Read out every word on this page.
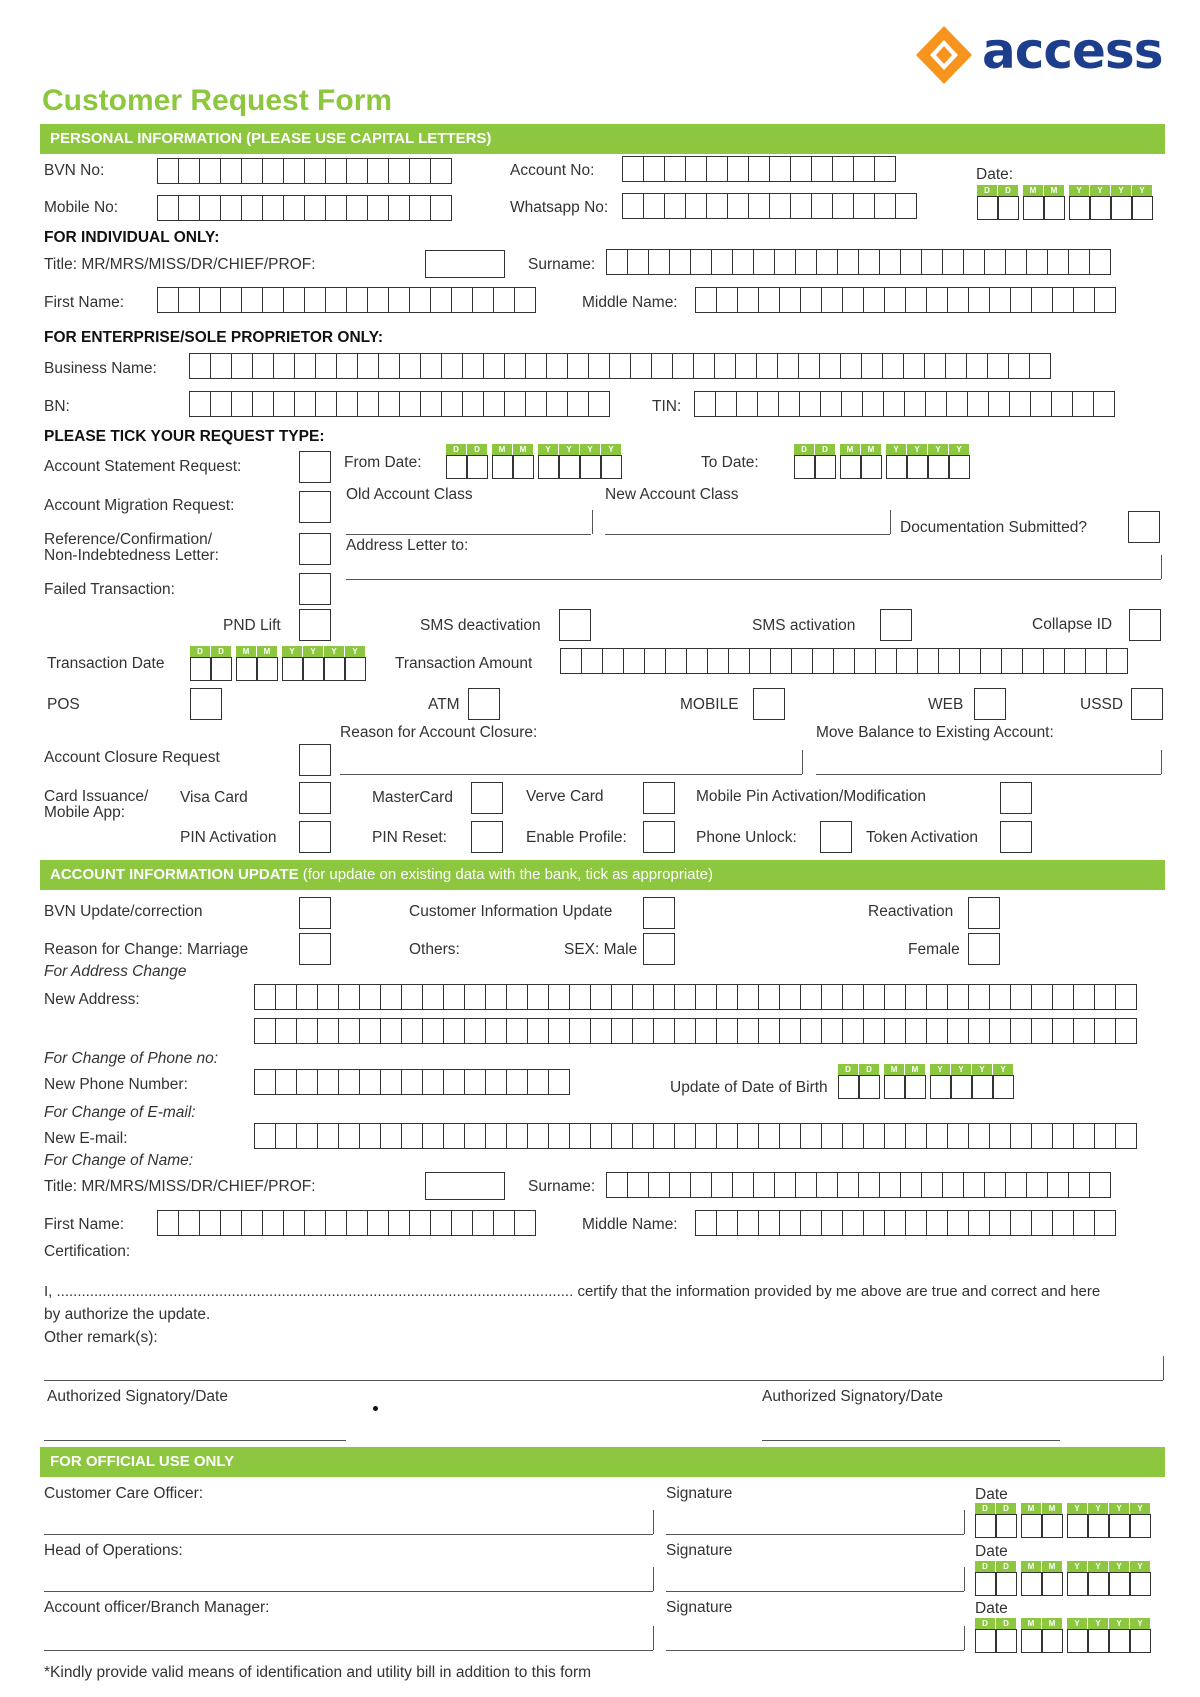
access
Customer Request Form
PERSONAL INFORMATION (PLEASE USE CAPITAL LETTERS)
BVN No:	Account No:	Date:
D	D	M	M	Y	Y	Y	Y
Mobile No:	Whatsapp No:
FOR INDIVIDUAL ONLY:
Title: MR/MRS/MISS/DR/CHIEF/PROF:	Surname:
First Name:	Middle Name:
FOR ENTERPRISE/SOLE PROPRIETOR ONLY:
Business Name:
BN:	TIN:
PLEASE TICK YOUR REQUEST TYPE:
Account Statement Request:	From Date:
D	D	M	M	Y	Y	Y	Y
To Date:
D	D	M	M	Y	Y	Y	Y
Account Migration Request:
Old Account Class	New Account Class
Documentation Submitted?
Reference/Confirmation/
Non-Indebtedness Letter:
Address Letter to:
Failed Transaction:
PND Lift	SMS deactivation	SMS activation	Collapse ID
Transaction Date
D	D	M	M	Y	Y	Y	Y
Transaction Amount
POS	ATM	MOBILE	WEB	USSD
Reason for Account Closure:	Move Balance to Existing Account:
Account Closure Request
Card Issuance/
Mobile App:
Visa Card	MasterCard	Verve Card	Mobile Pin Activation/Modification
PIN Activation	PIN Reset:	Enable Profile:	Phone Unlock:	Token Activation
ACCOUNT INFORMATION UPDATE (for update on existing data with the bank, tick as appropriate)
BVN Update/correction	Customer Information Update	Reactivation
Reason for Change: Marriage	Others:	SEX: Male	Female
For Address Change
New Address:
For Change of Phone no:
New Phone Number:	Update of Date of Birth
D	D	M	M	Y	Y	Y	Y
For Change of E-mail:
New E-mail:
For Change of Name:
Title: MR/MRS/MISS/DR/CHIEF/PROF:	Surname:
First Name:	Middle Name:
Certification:
I, ............................................................................................................................ certify that the information provided by me above are true and correct and here
by authorize the update.
Other remark(s):
Authorized Signatory/Date	Authorized Signatory/Date
FOR OFFICIAL USE ONLY
Customer Care Officer:	Signature	Date
D	D	M	M	Y	Y	Y	Y
Head of Operations:	Signature	Date
D	D	M	M	Y	Y	Y	Y
Account officer/Branch Manager:	Signature	Date
D	D	M	M	Y	Y	Y	Y
*Kindly provide valid means of identification and utility bill in addition to this form
